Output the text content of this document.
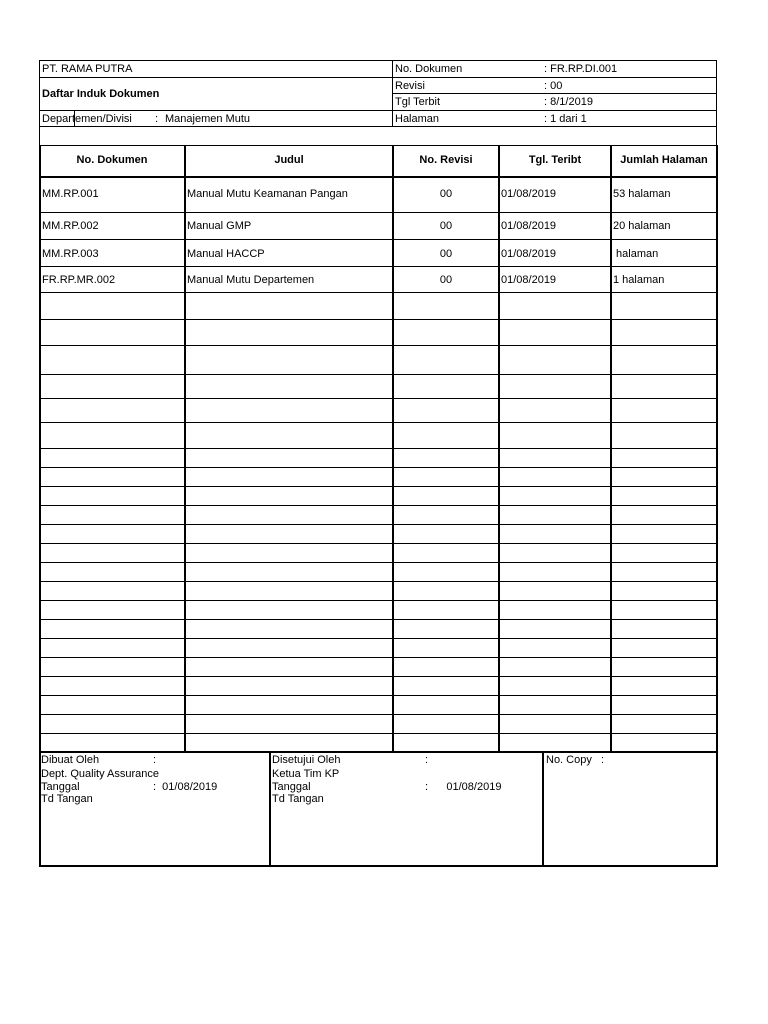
PT. RAMA PUTRA
Daftar Induk Dokumen
Departemen/Divisi : Manajemen Mutu
No. Dokumen	: FR.RP.DI.001
Revisi	: 00
Tgl Terbit	: 8/1/2019
Halaman	: 1 dari 1
No. Dokumen	Judul	No. Revisi	Tgl. Teribt	Jumlah Halaman
MM.RP.001	Manual Mutu Keamanan Pangan	00	01/08/2019	53 halaman
MM.RP.002	Manual GMP	00	01/08/2019	20 halaman
MM.RP.003	Manual HACCP	00	01/08/2019	halaman
FR.RP.MR.002	Manual Mutu Departemen	00	01/08/2019	1 halaman
Dibuat Oleh	:
Dept. Quality Assurance
Tanggal	:  01/08/2019
Td Tangan
Disetujui Oleh	:
Ketua Tim KP
Tanggal	:      01/08/2019
Td Tangan
No. Copy :
